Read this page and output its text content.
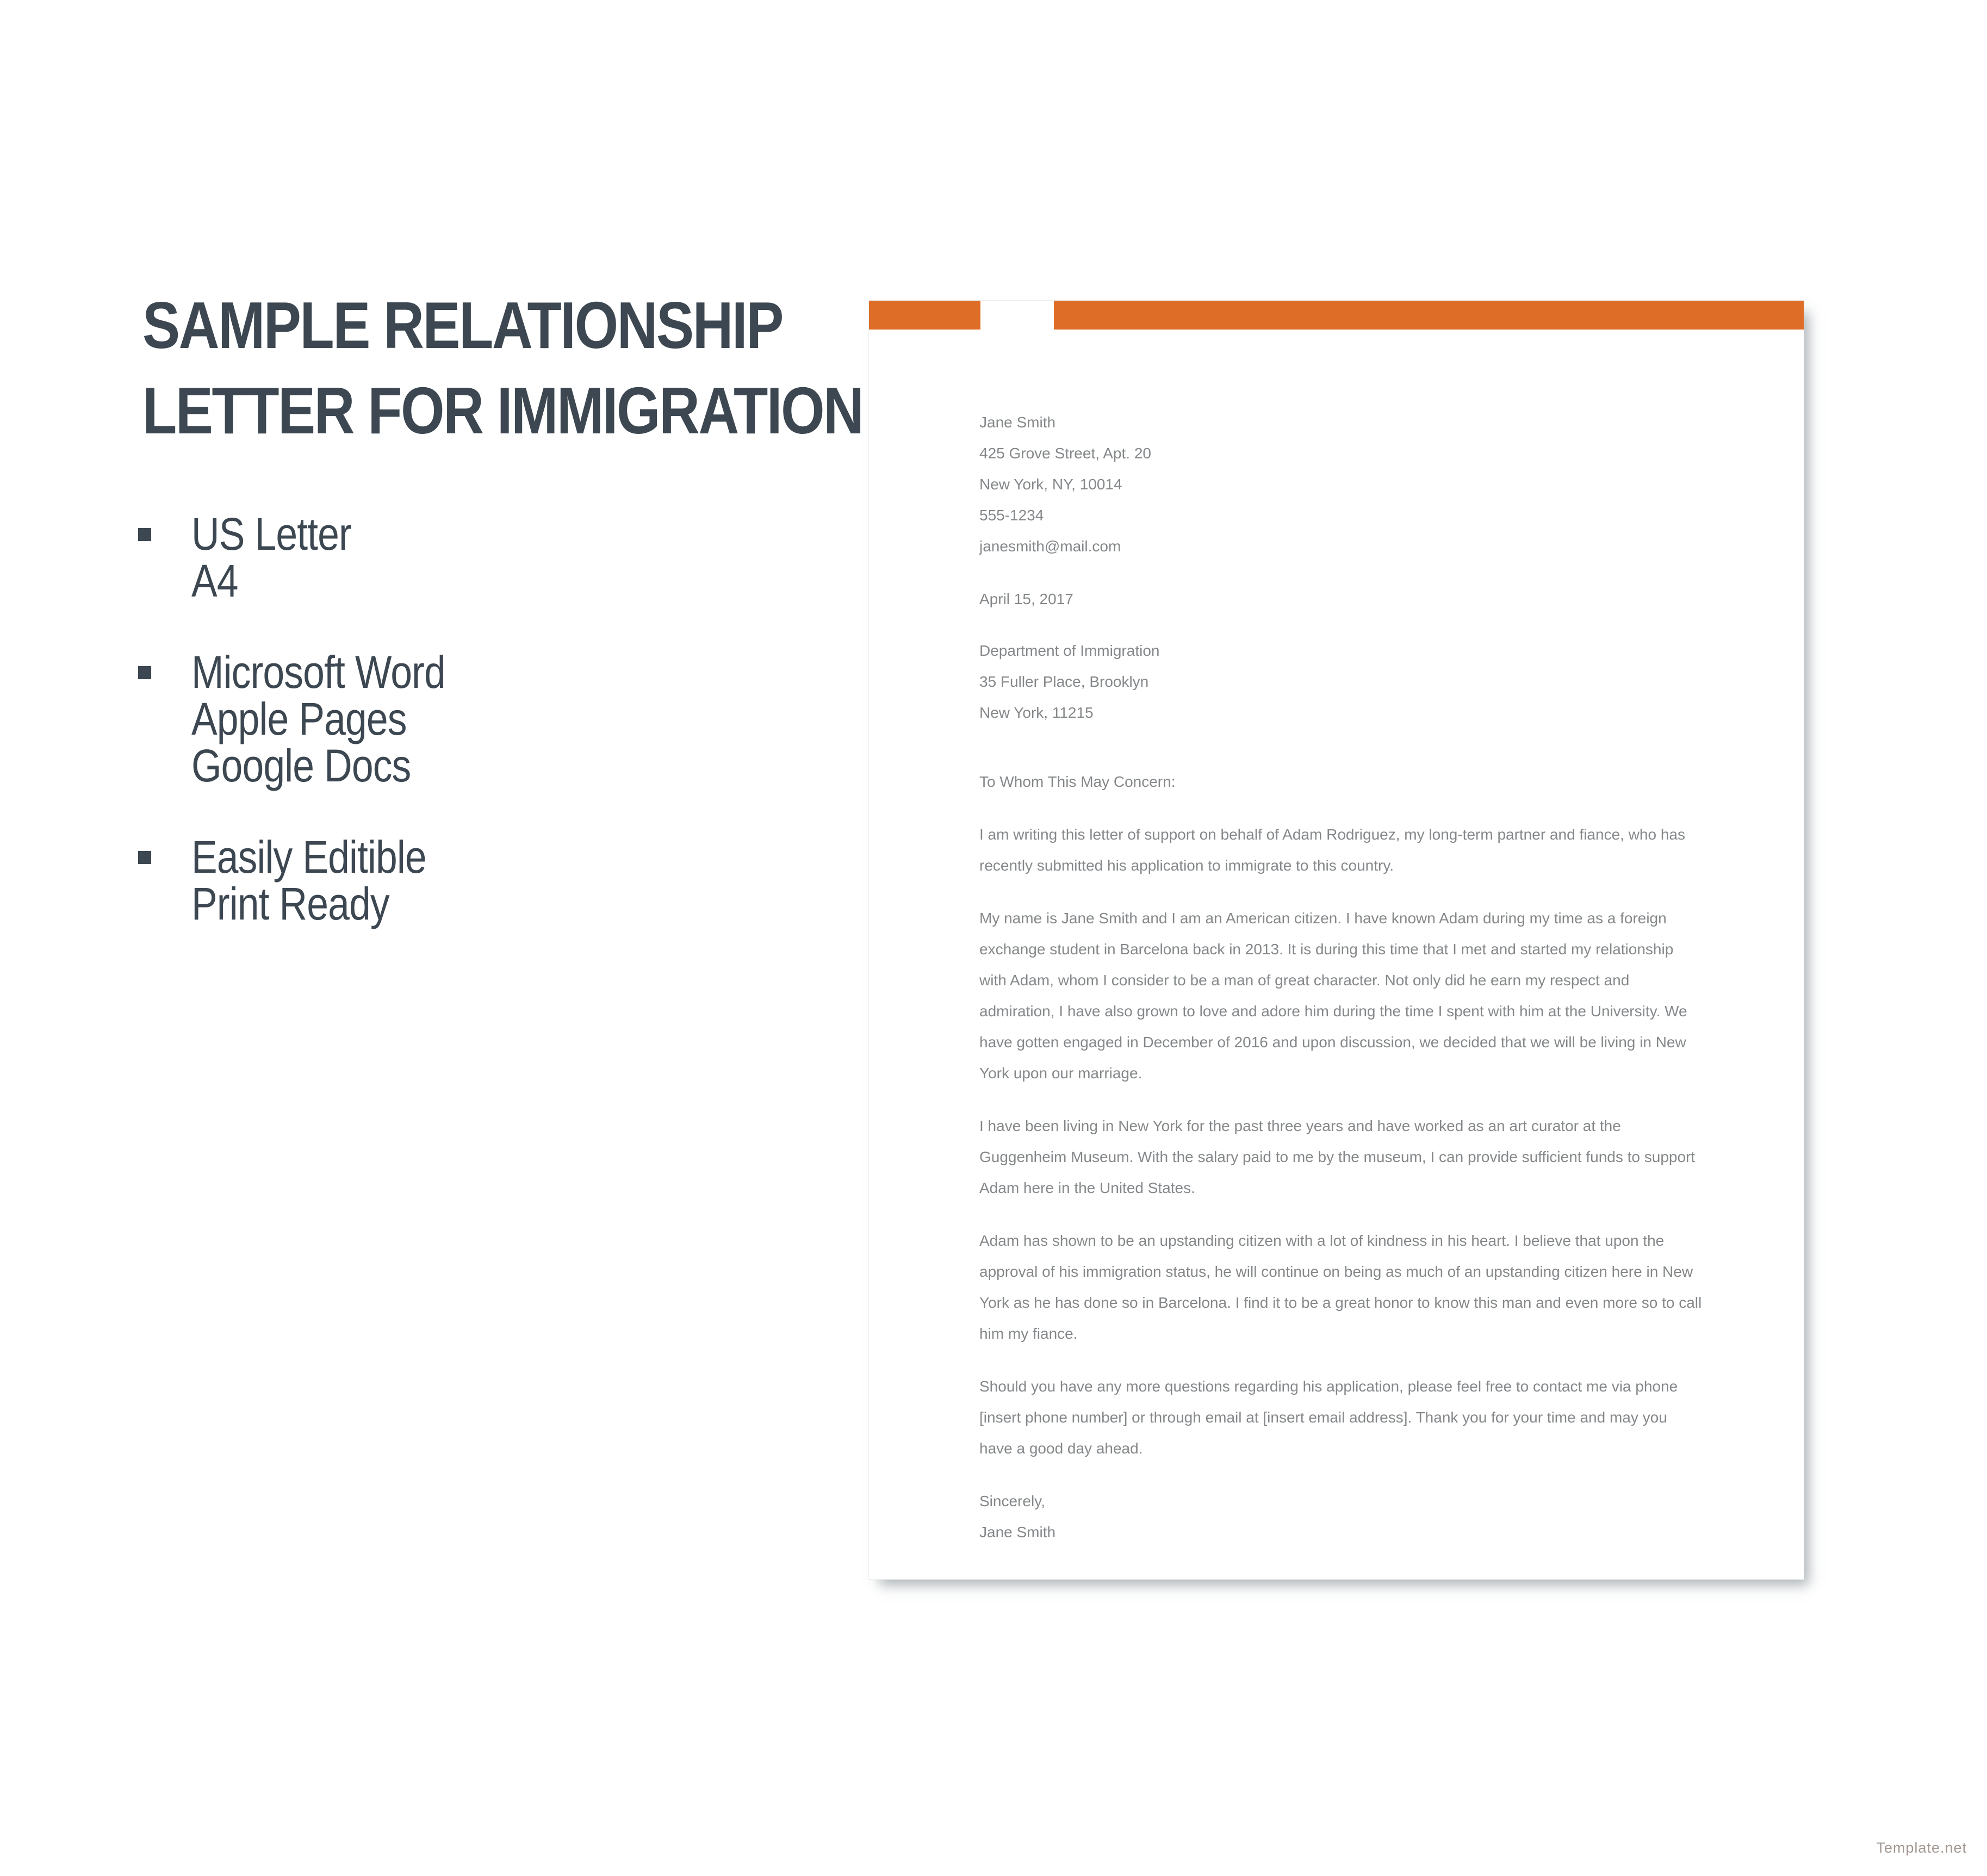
SAMPLE RELATIONSHIP
LETTER FOR IMMIGRATION
US Letter
A4
Microsoft Word
Apple Pages
Google Docs
Easily Editible
Print Ready
Jane Smith
425 Grove Street, Apt. 20
New York, NY, 10014
555-1234
janesmith@mail.com
April 15, 2017
Department of Immigration
35 Fuller Place, Brooklyn
New York, 11215
To Whom This May Concern:

I am writing this letter of support on behalf of Adam Rodriguez, my long-term partner and fiance, who has recently submitted his application to immigrate to this country.

My name is Jane Smith and I am an American citizen. I have known Adam during my time as a foreign exchange student in Barcelona back in 2013. It is during this time that I met and started my relationship with Adam, whom I consider to be a man of great character. Not only did he earn my respect and admiration, I have also grown to love and adore him during the time I spent with him at the University. We have gotten engaged in December of 2016 and upon discussion, we decided that we will be living in New York upon our marriage.

I have been living in New York for the past three years and have worked as an art curator at the Guggenheim Museum. With the salary paid to me by the museum, I can provide sufficient funds to support Adam here in the United States.

Adam has shown to be an upstanding citizen with a lot of kindness in his heart. I believe that upon the approval of his immigration status, he will continue on being as much of an upstanding citizen here in New York as he has done so in Barcelona. I find it to be a great honor to know this man and even more so to call him my fiance.

Should you have any more questions regarding his application, please feel free to contact me via phone [insert phone number] or through email at [insert email address]. Thank you for your time and may you have a good day ahead.

Sincerely,
Jane Smith
Template.net
